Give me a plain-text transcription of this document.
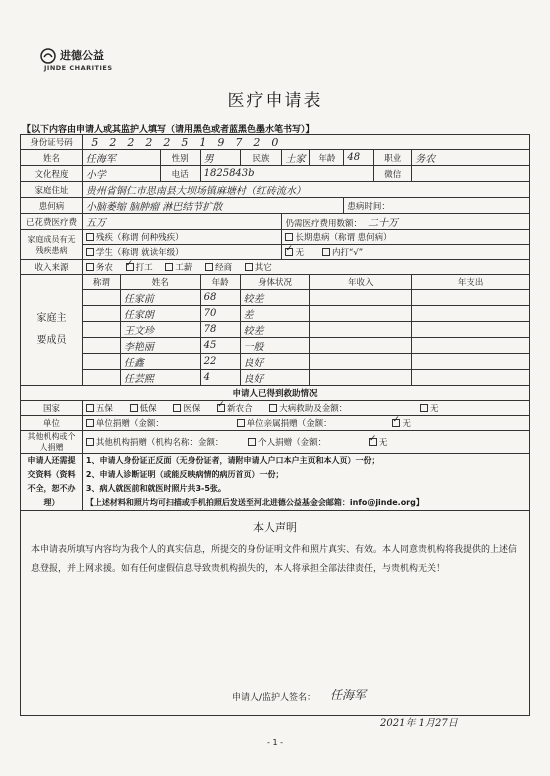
进德公益
JINDE CHARITIES
医疗申请表
【以下内容由申请人或其监护人填写（请用黑色或者蓝黑色墨水笔书写）】
身份证号码	5 2 2 2 2 5 1 9 7 2 0									
姓名	任海军		性别	男	民族	土家	年龄	48	职业	务农
文化程度	小学		电话	1825843b					微信	
家庭住址	贵州省铜仁市思南县大坝场镇麻塘村（红砖流水）									
患何病	小脑萎缩 脑肿瘤 淋巴结节扩散							患病时间：		
已花费医疗费	五万					仍需医疗费用数额： 二十万				
家庭成员有无残疾患病	残疾（称谓 何种残疾）					长期患病（称谓 患何病）				
	学生（称谓 就读年级）	✓无 内打“√”
收入来源	务农 ✓ 打工 工薪 经商 其它
家庭主要成员	称谓	姓名		年龄	身体状况		年收入			年支出
		任家前		68	较差					
		任家朗		70	差					
		王文珍		78	较差					
		李艳丽		45	一般					
		任鑫		22	良好					
		任芸熙		4	良好					
申请人已得到救助情况										
国家	五保 低保 医保 ✓ 新农合 大病救助及金额： 无
单位	单位捐赠（金额： 单位亲属捐赠（金额： ✓ 无
其他机构或个人捐赠	其他机构捐赠（机构名称：金额： 个人捐赠（金额： ✓ 无
申请人还需提交资料（资料不全，恕不办理）	1、申请人身份证正反面（无身份证者，请附申请人户口本户主页和本人页）一份；
2、申请人诊断证明（或能反映病情的病历首页）一份；
3、病人就医前和就医时照片共3-5张。
【上述材料和照片均可扫描或手机拍照后发送至河北进德公益基金会邮箱：info@jinde.org】									

本人声明
本申请表所填写内容均为我个人的真实信息，所提交的身份证明文件和照片真实、有效。本人同意贵机构将我提供的上述信息登报，并上网求援。如有任何虚假信息导致贵机构损失的，本人将承担全部法律责任，与贵机构无关！										
申请人/监护人签名： 任海军
2021年 1月27日
- 1 -
